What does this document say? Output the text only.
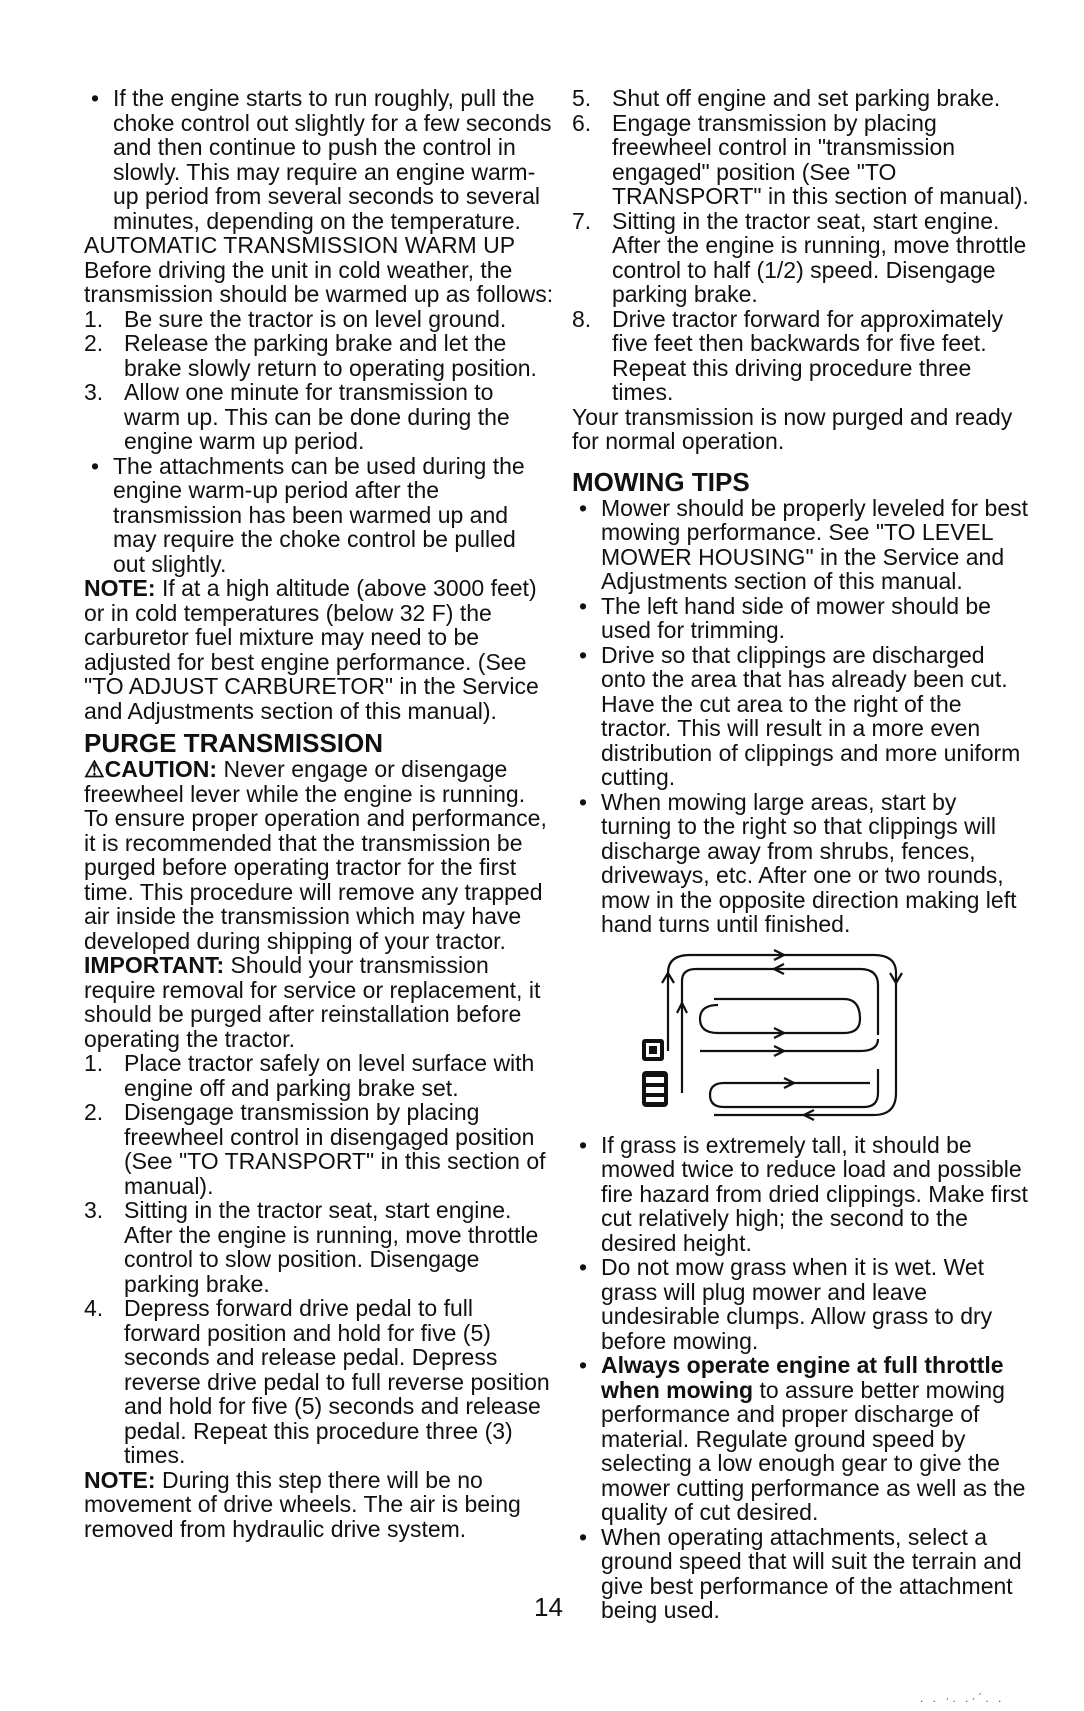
• If the engine starts to run roughly, pull the choke control out slightly for a few seconds and then continue to push the control in slowly. This may require an engine warm-up period from several seconds to several minutes, depending on the temperature.

AUTOMATIC TRANSMISSION WARM UP

Before driving the unit in cold weather, the transmission should be warmed up as follows:

1. Be sure the tractor is on level ground.

2. Release the parking brake and let the brake slowly return to operating position.

3. Allow one minute for transmission to warm up. This can be done during the engine warm up period.

• The attachments can be used during the engine warm-up period after the transmission has been warmed up and may require the choke control be pulled out slightly.

NOTE: If at a high altitude (above 3000 feet) or in cold temperatures (below 32 F) the carburetor fuel mixture may need to be adjusted for best engine performance. (See "TO ADJUST CARBURETOR" in the Service and Adjustments section of this manual).

PURGE TRANSMISSION

⚠CAUTION: Never engage or disengage freewheel lever while the engine is running.

To ensure proper operation and performance, it is recommended that the transmission be purged before operating tractor for the first time. This procedure will remove any trapped air inside the transmission which may have developed during shipping of your tractor.

IMPORTANT: Should your transmission require removal for service or replacement, it should be purged after reinstallation before operating the tractor.

1. Place tractor safely on level surface with engine off and parking brake set.

2. Disengage transmission by placing freewheel control in disengaged position (See "TO TRANSPORT" in this section of manual).

3. Sitting in the tractor seat, start engine. After the engine is running, move throttle control to slow position. Disengage parking brake.

4. Depress forward drive pedal to full forward position and hold for five (5) seconds and release pedal. Depress reverse drive pedal to full reverse position and hold for five (5) seconds and release pedal. Repeat this procedure three (3) times.

NOTE: During this step there will be no movement of drive wheels. The air is being removed from hydraulic drive system.

5. Shut off engine and set parking brake.

6. Engage transmission by placing freewheel control in "transmission engaged" position (See "TO TRANSPORT" in this section of manual).

7. Sitting in the tractor seat, start engine. After the engine is running, move throttle control to half (1/2) speed. Disengage parking brake.

8. Drive tractor forward for approximately five feet then backwards for five feet. Repeat this driving procedure three times.

Your transmission is now purged and ready for normal operation.

MOWING TIPS

• Mower should be properly leveled for best mowing performance. See "TO LEVEL MOWER HOUSING" in the Service and Adjustments section of this manual.

• The left hand side of mower should be used for trimming.

• Drive so that clippings are discharged onto the area that has already been cut. Have the cut area to the right of the tractor. This will result in a more even distribution of clippings and more uniform cutting.

• When mowing large areas, start by turning to the right so that clippings will discharge away from shrubs, fences, driveways, etc. After one or two rounds, mow in the opposite direction making left hand turns until finished.

• If grass is extremely tall, it should be mowed twice to reduce load and possible fire hazard from dried clippings. Make first cut relatively high; the second to the desired height.

• Do not mow grass when it is wet. Wet grass will plug mower and leave undesirable clumps. Allow grass to dry before mowing.

• Always operate engine at full throttle when mowing to assure better mowing performance and proper discharge of material. Regulate ground speed by selecting a low enough gear to give the mower cutting performance as well as the quality of cut desired.

• When operating attachments, select a ground speed that will suit the terrain and give best performance of the attachment being used.

14
. . ·. .·´. .
